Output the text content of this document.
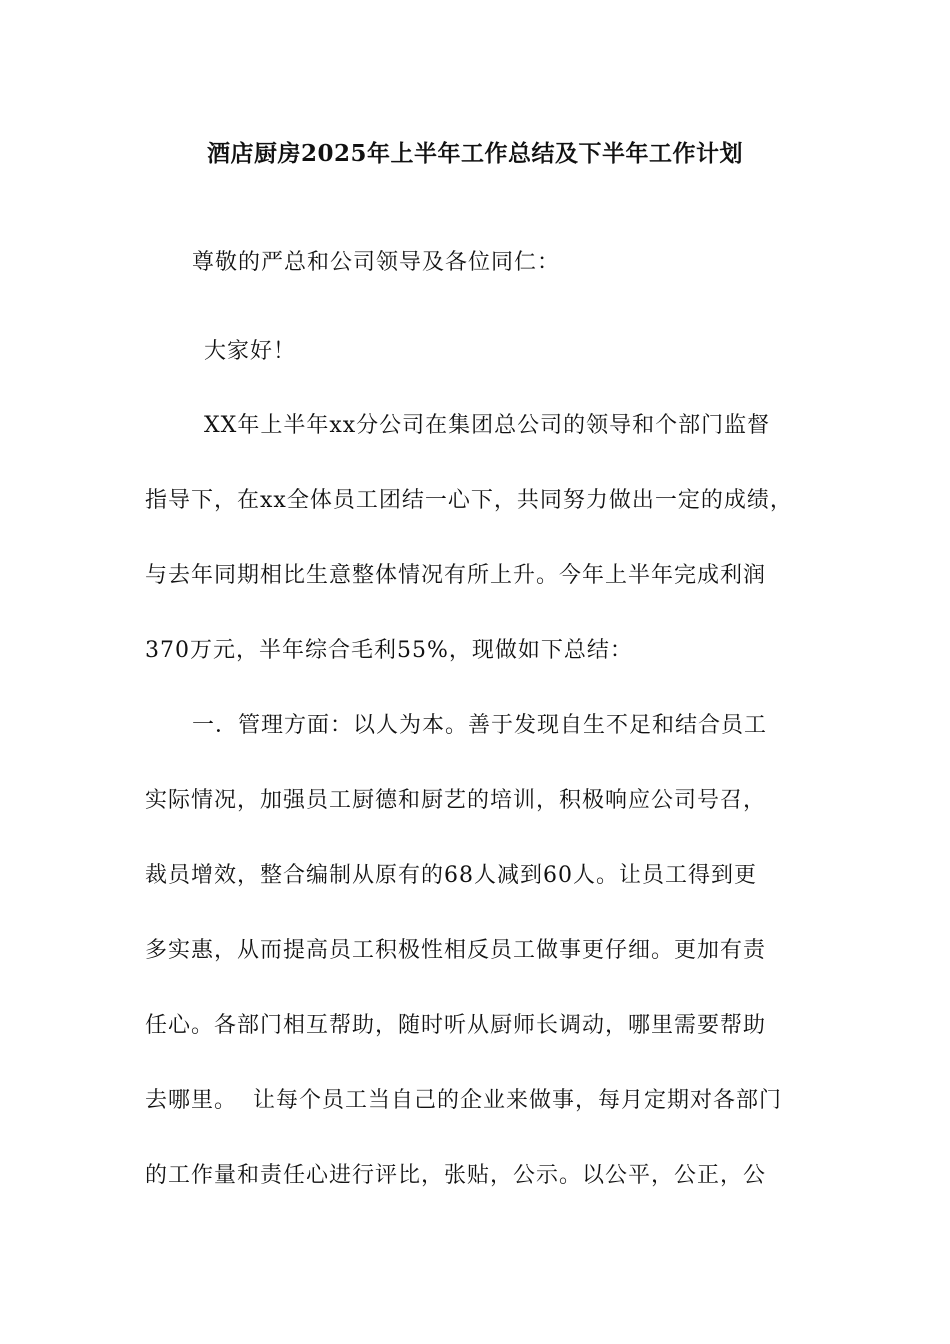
酒店厨房2025年上半年工作总结及下半年工作计划
尊敬的严总和公司领导及各位同仁：
大家好！
XX年上半年xx分公司在集团总公司的领导和个部门监督
指导下，在xx全体员工团结一心下，共同努力做出一定的成绩，
与去年同期相比生意整体情况有所上升。今年上半年完成利润
370万元，半年综合毛利55%，现做如下总结：
一．管理方面：以人为本。善于发现自生不足和结合员工
实际情况，加强员工厨德和厨艺的培训，积极响应公司号召，
裁员增效，整合编制从原有的68人减到60人。让员工得到更
多实惠，从而提高员工积极性相反员工做事更仔细。更加有责
任心。各部门相互帮助，随时听从厨师长调动，哪里需要帮助
去哪里。  让每个员工当自己的企业来做事，每月定期对各部门
的工作量和责任心进行评比，张贴，公示。以公平，公正，公
